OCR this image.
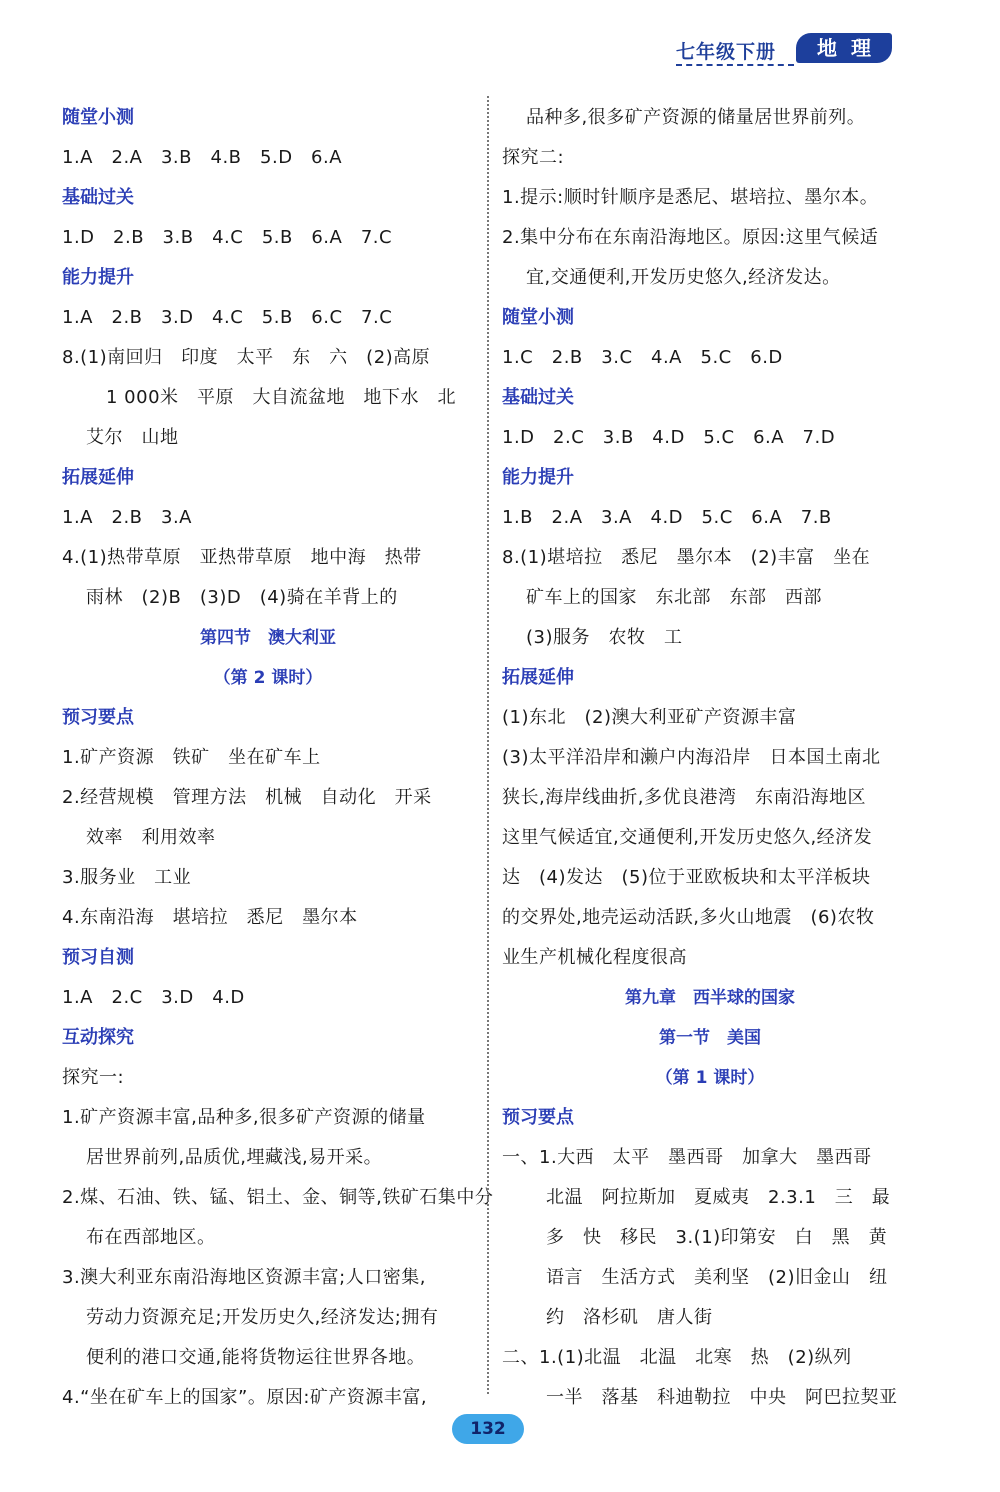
七年级下册	地理
随堂小测
1.A　2.A　3.B　4.B　5.D　6.A
基础过关
1.D　2.B　3.B　4.C　5.B　6.A　7.C
能力提升
1.A　2.B　3.D　4.C　5.B　6.C　7.C
8.(1)南回归　印度　太平　东　六　(2)高原
1 000米　平原　大自流盆地　地下水　北
艾尔　山地
拓展延伸
1.A　2.B　3.A
4.(1)热带草原　亚热带草原　地中海　热带
雨林　(2)B　(3)D　(4)骑在羊背上的
第四节　澳大利亚
（第 2 课时）
预习要点
1.矿产资源　铁矿　坐在矿车上
2.经营规模　管理方法　机械　自动化　开采
效率　利用效率
3.服务业　工业
4.东南沿海　堪培拉　悉尼　墨尔本
预习自测
1.A　2.C　3.D　4.D
互动探究
探究一:
1.矿产资源丰富,品种多,很多矿产资源的储量
居世界前列,品质优,埋藏浅,易开采。
2.煤、石油、铁、锰、铝土、金、铜等,铁矿石集中分
布在西部地区。
3.澳大利亚东南沿海地区资源丰富;人口密集,
劳动力资源充足;开发历史久,经济发达;拥有
便利的港口交通,能将货物运往世界各地。
4.“坐在矿车上的国家”。原因:矿产资源丰富,
品种多,很多矿产资源的储量居世界前列。
探究二:
1.提示:顺时针顺序是悉尼、堪培拉、墨尔本。
2.集中分布在东南沿海地区。原因:这里气候适
宜,交通便利,开发历史悠久,经济发达。
随堂小测
1.C　2.B　3.C　4.A　5.C　6.D
基础过关
1.D　2.C　3.B　4.D　5.C　6.A　7.D
能力提升
1.B　2.A　3.A　4.D　5.C　6.A　7.B
8.(1)堪培拉　悉尼　墨尔本　(2)丰富　坐在
矿车上的国家　东北部　东部　西部
(3)服务　农牧　工
拓展延伸
(1)东北　(2)澳大利亚矿产资源丰富
(3)太平洋沿岸和濑户内海沿岸　日本国土南北
狭长,海岸线曲折,多优良港湾　东南沿海地区
这里气候适宜,交通便利,开发历史悠久,经济发
达　(4)发达　(5)位于亚欧板块和太平洋板块
的交界处,地壳运动活跃,多火山地震　(6)农牧
业生产机械化程度很高
第九章　西半球的国家
第一节　美国
（第 1 课时）
预习要点
一、1.大西　太平　墨西哥　加拿大　墨西哥
北温　阿拉斯加　夏威夷　2.3.1　三　最
多　快　移民　3.(1)印第安　白　黑　黄
语言　生活方式　美利坚　(2)旧金山　纽
约　洛杉矶　唐人街
二、1.(1)北温　北温　北寒　热　(2)纵列
一半　落基　科迪勒拉　中央　阿巴拉契亚
132
